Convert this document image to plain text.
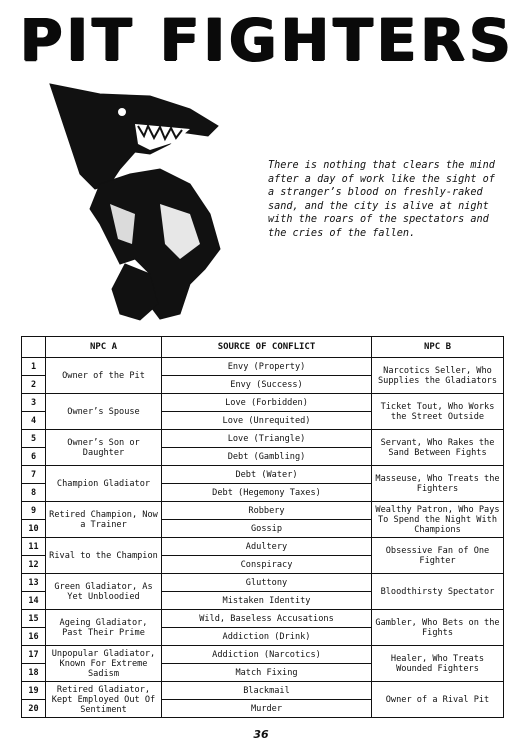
PIT FIGHTERS
There is nothing that clears the mind after a day of work like the sight of a stranger’s blood on freshly-raked sand, and the city is alive at night with the roars of the spectators and the cries of the fallen.
	NPC A	SOURCE OF CONFLICT	NPC B
1	Owner of the Pit	Envy (Property)	Narcotics Seller, Who Supplies the Gladiators
2		Envy (Success)	
3	Owner’s Spouse	Love (Forbidden)	Ticket Tout, Who Works the Street Outside
4		Love (Unrequited)	
5	Owner’s Son or Daughter	Love (Triangle)	Servant, Who Rakes the Sand Between Fights
6		Debt (Gambling)	
7	Champion Gladiator	Debt (Water)	Masseuse, Who Treats the Fighters
8		Debt (Hegemony Taxes)	
9	Retired Champion, Now a Trainer	Robbery	Wealthy Patron, Who Pays To Spend the Night With Champions
10		Gossip	
11	Rival to the Champion	Adultery	Obsessive Fan of One Fighter
12		Conspiracy	
13	Green Gladiator, As Yet Unbloodied	Gluttony	Bloodthirsty Spectator
14		Mistaken Identity	
15	Ageing Gladiator, Past Their Prime	Wild, Baseless Accusations	Gambler, Who Bets on the Fights
16		Addiction (Drink)	
17	Unpopular Gladiator, Known For Extreme Sadism	Addiction (Narcotics)	Healer, Who Treats Wounded Fighters
18		Match Fixing	
19	Retired Gladiator, Kept Employed Out Of Sentiment	Blackmail	Owner of a Rival Pit
20		Murder	
36
